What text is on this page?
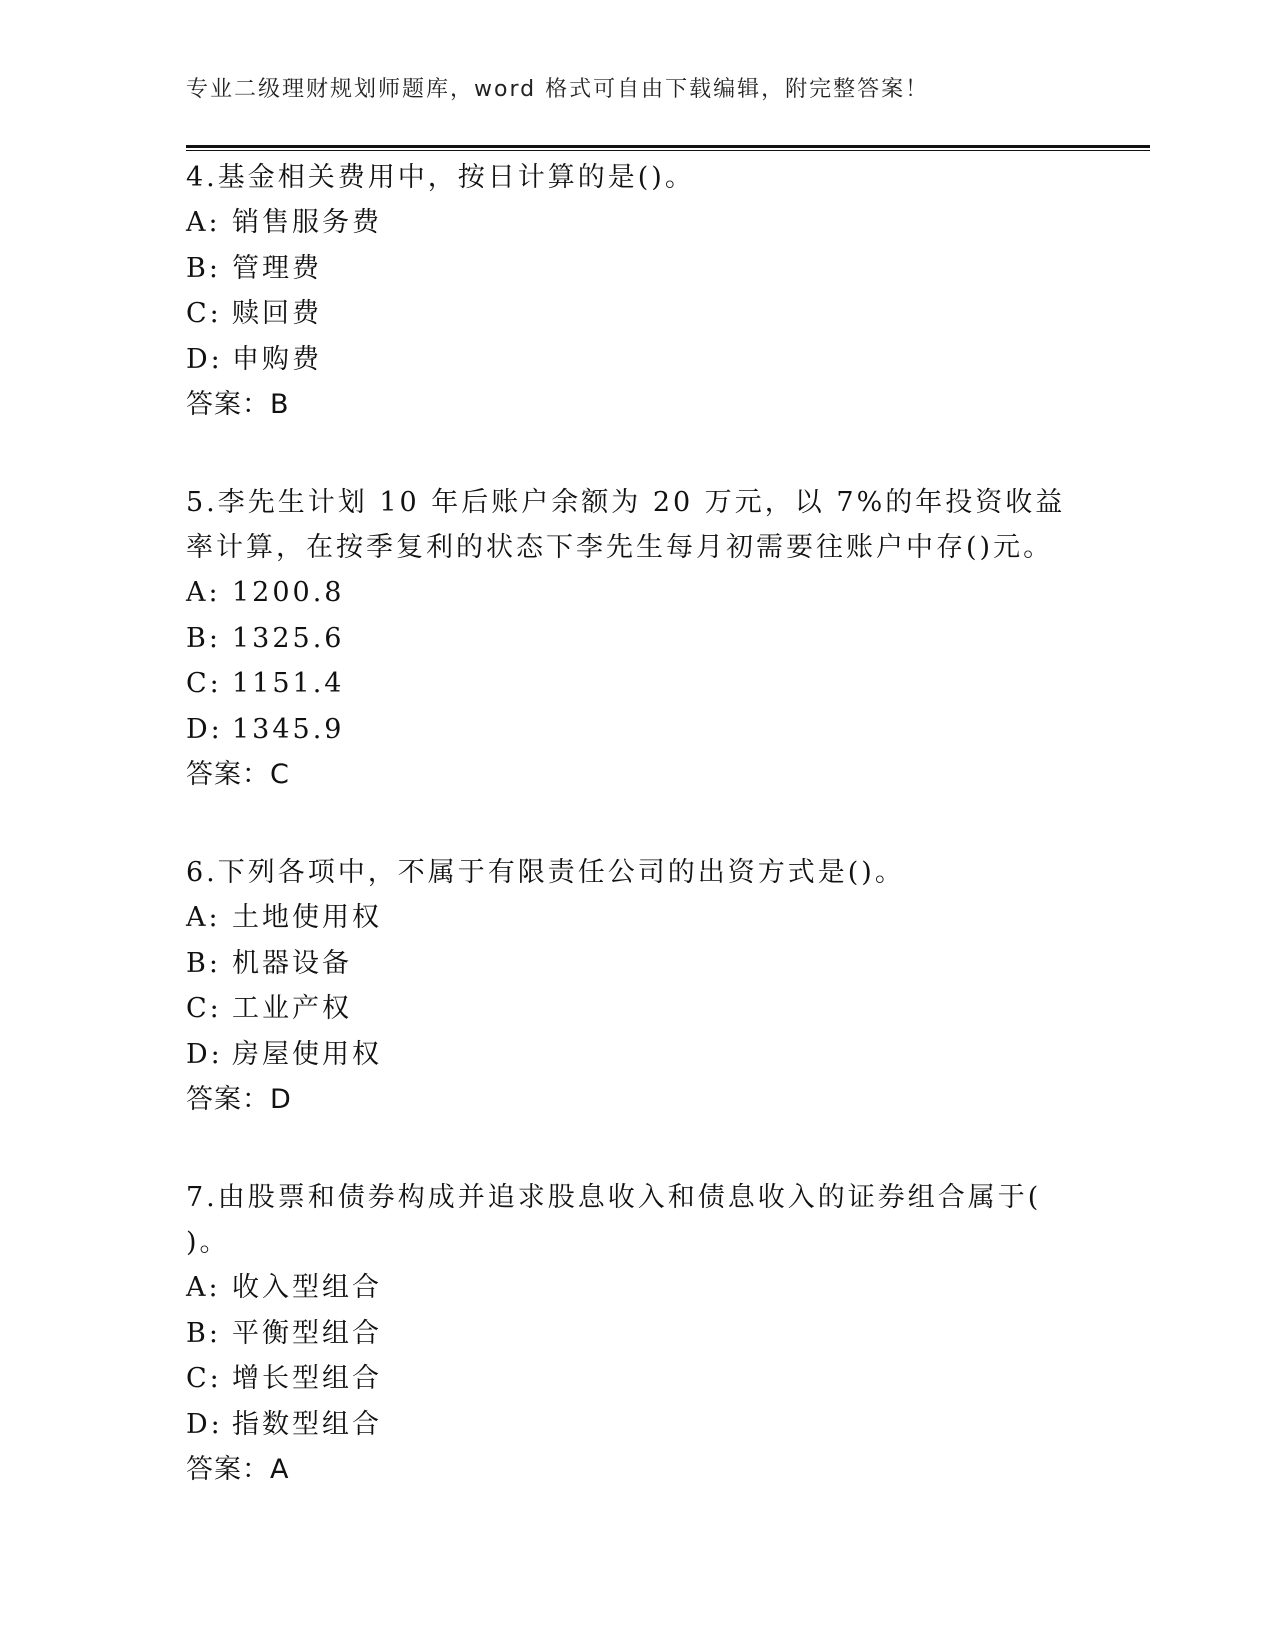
专业二级理财规划师题库，word 格式可自由下载编辑，附完整答案！

4.基金相关费用中，按日计算的是()。

A: 销售服务费

B: 管理费

C: 赎回费

D: 申购费

答案：B

5.李先生计划 10 年后账户余额为 20 万元，以 7%的年投资收益率计算，在按季复利的状态下李先生每月初需要往账户中存()元。

A: 1200.8

B: 1325.6

C: 1151.4

D: 1345.9

答案：C

6.下列各项中，不属于有限责任公司的出资方式是()。

A: 土地使用权

B: 机器设备

C: 工业产权

D: 房屋使用权

答案：D

7.由股票和债券构成并追求股息收入和债息收入的证券组合属于( )。

A: 收入型组合

B: 平衡型组合

C: 增长型组合

D: 指数型组合

答案：A
